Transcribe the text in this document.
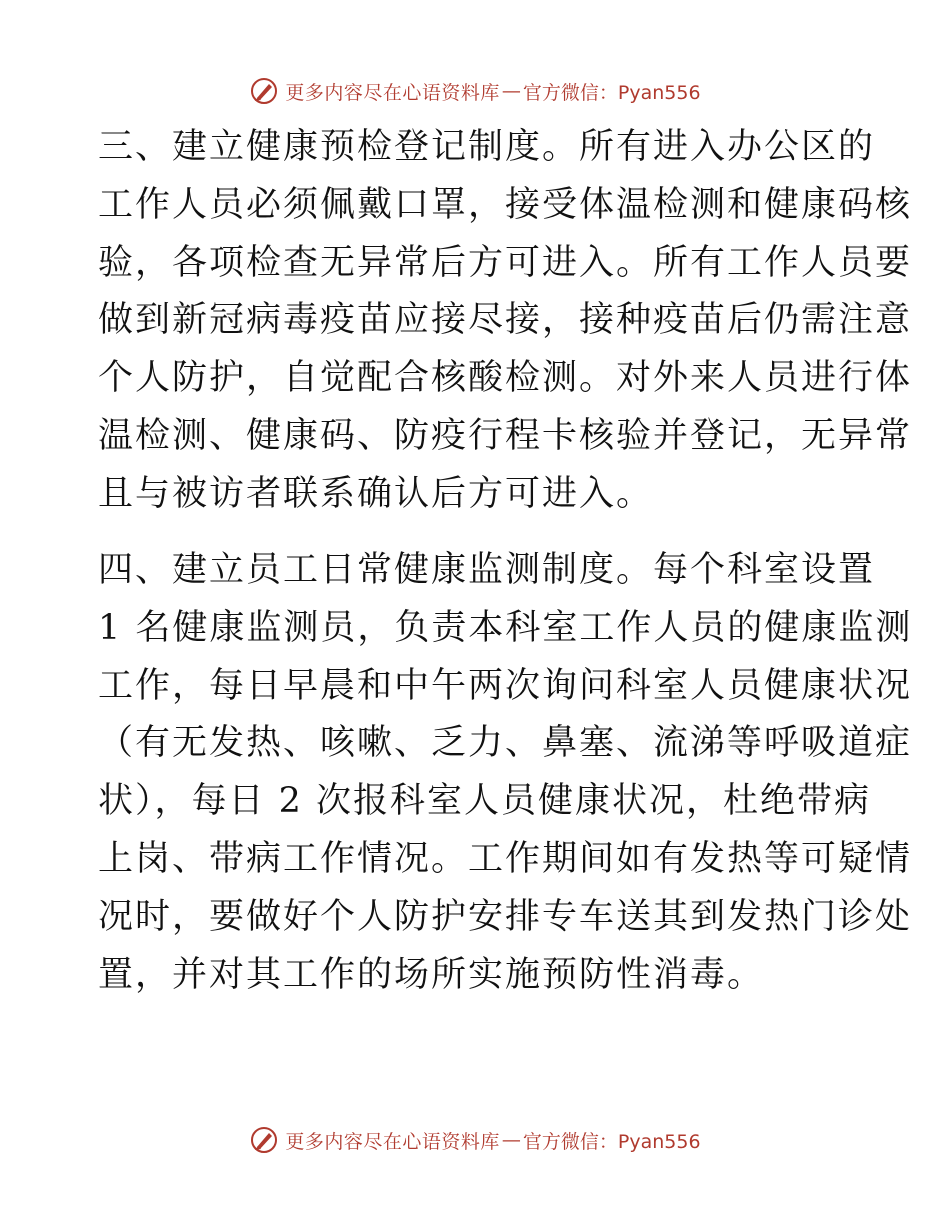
更多内容尽在心语资料库 — 官方微信：Pyan556
三、建立健康预检登记制度。所有进入办公区的
工作人员必须佩戴口罩，接受体温检测和健康码核
验，各项检查无异常后方可进入。所有工作人员要
做到新冠病毒疫苗应接尽接，接种疫苗后仍需注意
个人防护，自觉配合核酸检测。对外来人员进行体
温检测、健康码、防疫行程卡核验并登记，无异常
且与被访者联系确认后方可进入。
四、建立员工日常健康监测制度。每个科室设置
1 名健康监测员，负责本科室工作人员的健康监测
工作，每日早晨和中午两次询问科室人员健康状况
（有无发热、咳嗽、乏力、鼻塞、流涕等呼吸道症
状），每日 2 次报科室人员健康状况，杜绝带病
上岗、带病工作情况。工作期间如有发热等可疑情
况时，要做好个人防护安排专车送其到发热门诊处
置，并对其工作的场所实施预防性消毒。
更多内容尽在心语资料库 — 官方微信：Pyan556
